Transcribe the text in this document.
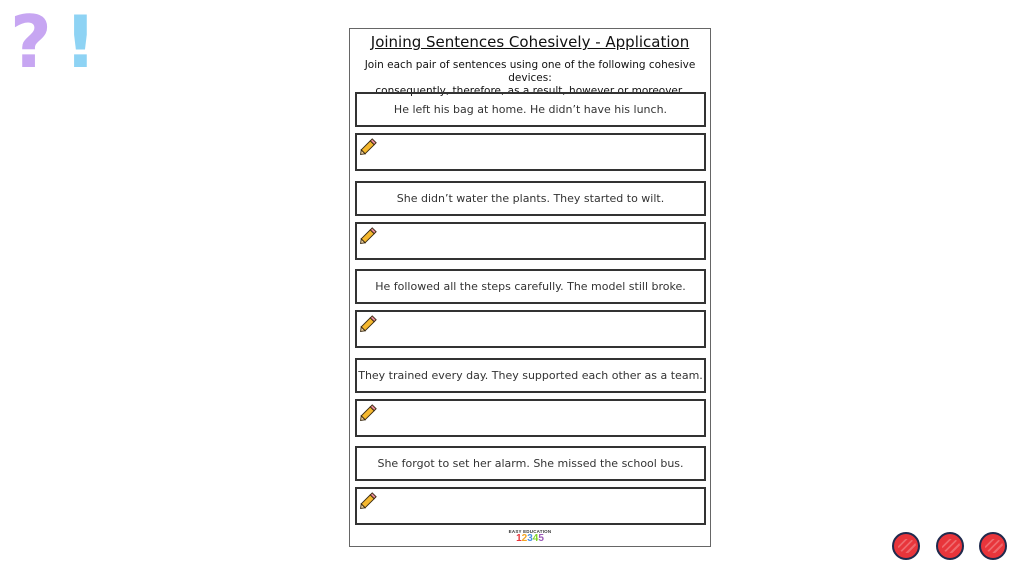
? !	Joining Sentences Cohesively - Application
Join each pair of sentences using one of the following cohesive devices:
consequently, therefore, as a result, however or moreover.
He left his bag at home. He didn’t have his lunch.
She didn’t water the plants. They started to wilt.
He followed all the steps carefully. The model still broke.
They trained every day. They supported each other as a team.
She forgot to set her alarm. She missed the school bus.
EASY EDUCATION
12345
